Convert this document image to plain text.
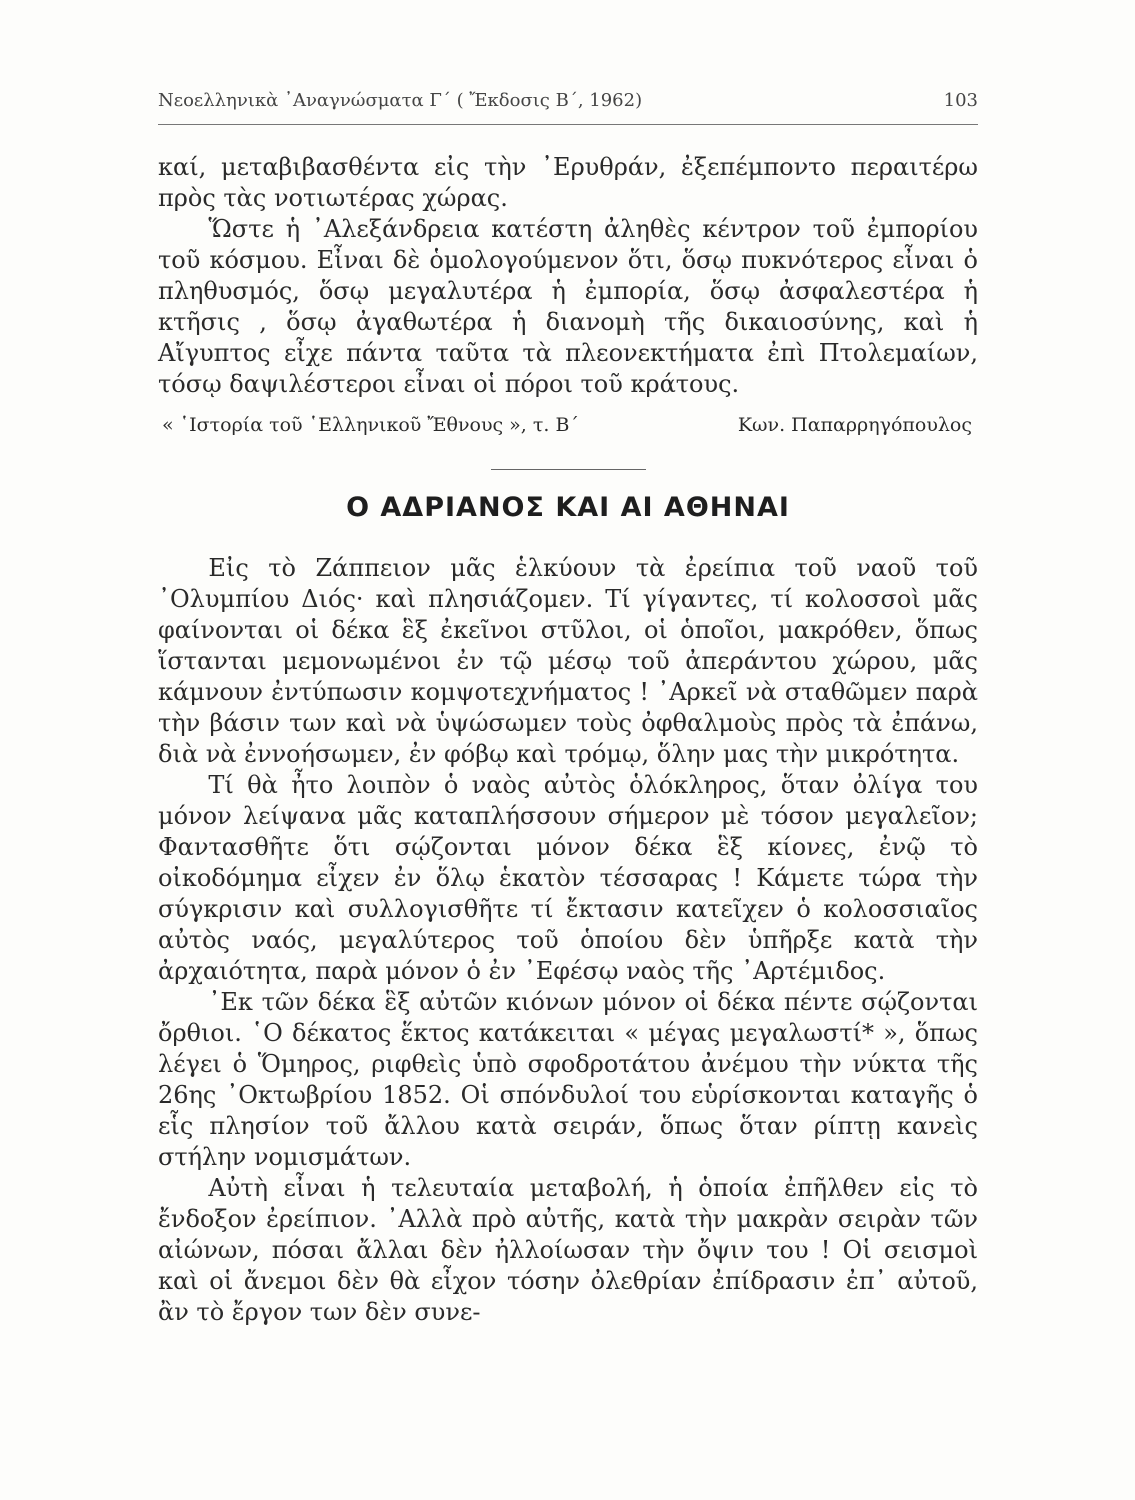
Νεοελληνικὰ ᾽Αναγνώσματα Γ΄ ( Ἔκδοσις Β΄, 1962)	103

καί, μεταβιβασθέντα εἰς τὴν ᾽Ερυθράν, ἐξεπέμποντο περαιτέρω πρὸς τὰς νοτιωτέρας χώρας.

Ὥστε ἡ ᾽Αλεξάνδρεια κατέστη ἀληθὲς κέντρον τοῦ ἐμπορίου τοῦ κόσμου. Εἶναι δὲ ὁμολογούμενον ὅτι, ὅσῳ πυκνότερος εἶναι ὁ πληθυσμός, ὅσῳ μεγαλυτέρα ἡ ἐμπορία, ὅσῳ ἀσφαλεστέρα ἡ κτῆσις , ὅσῳ ἀγαθωτέρα ἡ διανομὴ τῆς δικαιοσύνης, καὶ ἡ Αἴγυπτος εἶχε πάντα ταῦτα τὰ πλεονεκτήματα ἐπὶ Πτολεμαίων, τόσῳ δαψιλέστεροι εἶναι οἱ πόροι τοῦ κράτους.

« ῾Ιστορία τοῦ ῾Ελληνικοῦ Ἔθνους », τ. Β΄	Κων. Παπαρρηγόπουλος
Ο ΑΔΡΙΑΝΟΣ ΚΑΙ ΑΙ ΑΘΗΝΑΙ

Εἰς τὸ Ζάππειον μᾶς ἑλκύουν τὰ ἐρείπια τοῦ ναοῦ τοῦ ᾽Ολυμπίου Διός· καὶ πλησιάζομεν. Τί γίγαντες, τί κολοσσοὶ μᾶς φαίνονται οἱ δέκα ἓξ ἐκεῖνοι στῦλοι, οἱ ὁποῖοι, μακρόθεν, ὅπως ἵστανται μεμονωμένοι ἐν τῷ μέσῳ τοῦ ἀπεράντου χώρου, μᾶς κάμνουν ἐντύπωσιν κομψοτεχνήματος ! ᾽Αρκεῖ νὰ σταθῶμεν παρὰ τὴν βάσιν των καὶ νὰ ὑψώσωμεν τοὺς ὀφθαλμοὺς πρὸς τὰ ἐπάνω, διὰ νὰ ἐννοήσωμεν, ἐν φόβῳ καὶ τρόμῳ, ὅλην μας τὴν μικρότητα.

Τί θὰ ἦτο λοιπὸν ὁ ναὸς αὐτὸς ὁλόκληρος, ὅταν ὀλίγα του μόνον λείψανα μᾶς καταπλήσσουν σήμερον μὲ τόσον μεγαλεῖον; Φαντασθῆτε ὅτι σῴζονται μόνον δέκα ἓξ κίονες, ἐνῷ τὸ οἰκοδόμημα εἶχεν ἐν ὅλῳ ἑκατὸν τέσσαρας ! Κάμετε τώρα τὴν σύγκρισιν καὶ συλλογισθῆτε τί ἔκτασιν κατεῖχεν ὁ κολοσσιαῖος αὐτὸς ναός, μεγαλύτερος τοῦ ὁποίου δὲν ὑπῆρξε κατὰ τὴν ἀρχαιότητα, παρὰ μόνον ὁ ἐν ᾽Εφέσῳ ναὸς τῆς ᾽Αρτέμιδος.

᾽Εκ τῶν δέκα ἓξ αὐτῶν κιόνων μόνον οἱ δέκα πέντε σῴζονται ὄρθιοι. ῾Ο δέκατος ἕκτος κατάκειται « μέγας μεγαλωστί* », ὅπως λέγει ὁ Ὅμηρος, ριφθεὶς ὑπὸ σφοδροτάτου ἀνέμου τὴν νύκτα τῆς 26ης ᾽Οκτωβρίου 1852. Οἱ σπόνδυλοί του εὑρίσκονται καταγῆς ὁ εἷς πλησίον τοῦ ἄλλου κατὰ σειράν, ὅπως ὅταν ρίπτῃ κανεὶς στήλην νομισμάτων.

Αὐτὴ εἶναι ἡ τελευταία μεταβολή, ἡ ὁποία ἐπῆλθεν εἰς τὸ ἔνδοξον ἐρείπιον. ᾽Αλλὰ πρὸ αὐτῆς, κατὰ τὴν μακρὰν σειρὰν τῶν αἰώνων, πόσαι ἄλλαι δὲν ἠλλοίωσαν τὴν ὄψιν του ! Οἱ σεισμοὶ καὶ οἱ ἄνεμοι δὲν θὰ εἶχον τόσην ὀλεθρίαν ἐπίδρασιν ἐπ᾽ αὐτοῦ, ἂν τὸ ἔργον των δὲν συνε-
